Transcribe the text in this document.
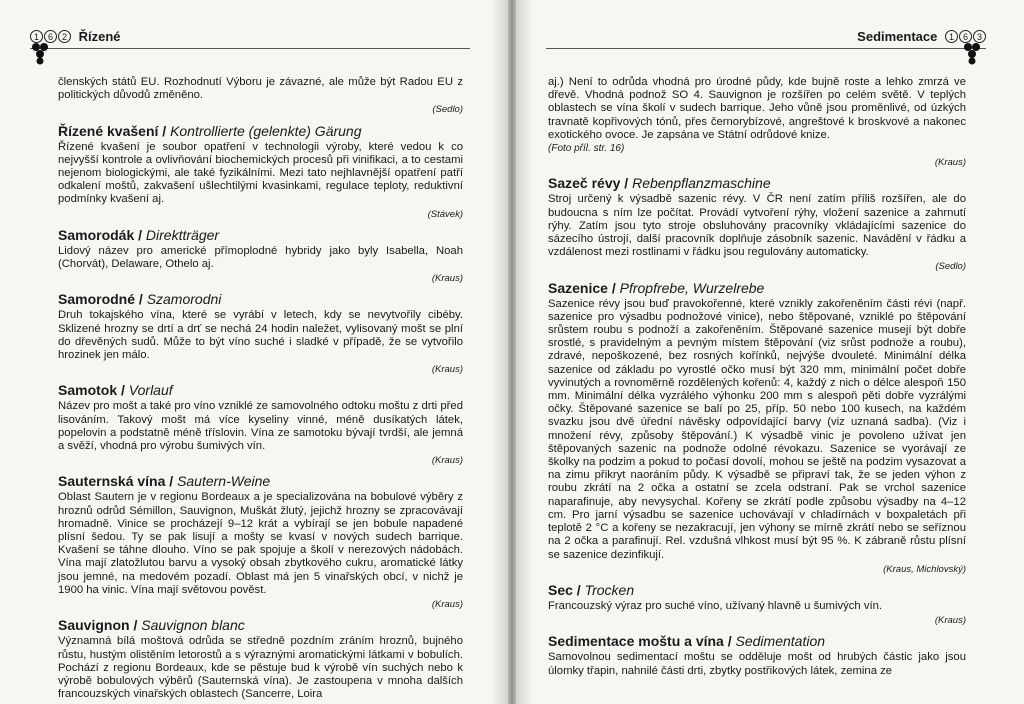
1 6 2 Řízené
členských států EU. Rozhodnutí Výboru je závazné, ale může být Radou EU z politických důvodů změněno.
(Sedlo)
Řízené kvašení / Kontrollierte (gelenkte) Gärung
Řízené kvašení je soubor opatření v technologii výroby, které vedou k co nejvyšší kontrole a ovlivňování biochemických procesů při vinifikaci, a to cestami nejenom biologickými, ale také fyzikálními. Mezi tato nejhlavnější opatření patří odkalení moštů, zakvašení ušlechtilými kvasinkami, regulace teploty, reduktivní podmínky kvašení aj.
(Stávek)
Samorodák / Direktträger
Lidový název pro americké přímoplodné hybridy jako byly Isabella, Noah (Chorvát), Delaware, Othelo aj.
(Kraus)
Samorodné / Szamorodni
Druh tokajského vína, které se vyrábí v letech, kdy se nevytvořily cibéby. Sklizené hrozny se drtí a drť se nechá 24 hodin naležet, vylisovaný mošt se plní do dřevěných sudů. Může to být víno suché i sladké v případě, že se vytvořilo hrozinek jen málo.
(Kraus)
Samotok / Vorlauf
Název pro mošt a také pro víno vzniklé ze samovolného odtoku moštu z drti před lisováním. Takový mošt má více kyseliny vinné, méně dusíkatých látek, popelovin a podstatně méně tříslovin. Vína ze samotoku bývají tvrdší, ale jemná a svěží, vhodná pro výrobu šumivých vín.
(Kraus)
Sauternská vína / Sautern-Weine
Oblast Sautern je v regionu Bordeaux a je specializována na bobulové výběry z hroznů odrůd Sémillon, Sauvignon, Muškát žlutý, jejichž hrozny se zpracovávají hromadně. Vinice se procházejí 9–12 krát a vybírají se jen bobule napadené plísní šedou. Ty se pak lisují a mošty se kvasí v nových sudech barrique. Kvašení se táhne dlouho. Víno se pak spojuje a školí v nerezových nádobách. Vína mají zlatožlutou barvu a vysoký obsah zbytkového cukru, aromatické látky jsou jemné, na medovém pozadí. Oblast má jen 5 vinařských obcí, v nichž je 1900 ha vinic. Vína mají světovou pověst.
(Kraus)
Sauvignon / Sauvignon blanc
Významná bílá moštová odrůda se středně pozdním zráním hroznů, bujného růstu, hustým olistěním letorostů a s výraznými aromatickými látkami v bobulích. Pochází z regionu Bordeaux, kde se pěstuje bud k výrobě vín suchých nebo k výrobě bobulových výběrů (Sauternská vína). Je zastoupena v mnoha dalších francouzských vinařských oblastech (Sancerre, Loira
Sedimentace	1 6 3
aj.) Není to odrůda vhodná pro úrodné půdy, kde bujně roste a lehko zmrzá ve dřevě. Vhodná podnož SO 4. Sauvignon je rozšířen po celém světě. V teplých oblastech se vína školí v sudech barrique. Jeho vůně jsou proměnlivé, od úzkých travnatě kopřivových tónů, přes černorybízové, angreštové k broskvové a nakonec exotického ovoce. Je zapsána ve Státní odrůdové knize.
(Foto příl. str. 16)
(Kraus)
Sazeč révy / Rebenpflanzmaschine
Stroj určený k výsadbě sazenic révy. V ČR není zatím příliš rozšířen, ale do budoucna s ním lze počítat. Provádí vytvoření rýhy, vložení sazenice a zahrnutí rýhy. Zatím jsou tyto stroje obsluhovány pracovníky vkládajícími sazenice do sázecího ústrojí, další pracovník doplňuje zásobník sazenic. Navádění v řádku a vzdálenost mezi rostlinami v řádku jsou regulovány automaticky.
(Sedlo)
Sazenice / Pfropfrebe, Wurzelrebe
Sazenice révy jsou buď pravokořenné, které vznikly zakořeněním části révi (např. sazenice pro výsadbu podnožové vinice), nebo štěpované, vzniklé po štěpování srůstem roubu s podnoží a zakořeněním. Štěpované sazenice musejí být dobře srostlé, s pravidelným a pevným místem štěpování (viz srůst podnože a roubu), zdravé, nepoškozené, bez rosných kořínků, nejvýše dvouleté. Minimální délka sazenice od základu po vyrostlé očko musí být 320 mm, minimální počet dobře vyvinutých a rovnoměrně rozdělených kořenů: 4, každý z nich o délce alespoň 150 mm. Minimální délka vyzrálého výhonku 200 mm s alespoň pěti dobře vyzrálými očky. Štěpované sazenice se balí po 25, příp. 50 nebo 100 kusech, na každém svazku jsou dvě úřední návěsky odpovídající barvy (viz uznaná sadba). (Viz i množení révy, způsoby štěpování.) K výsadbě vinic je povoleno užívat jen štěpovaných sazenic na podnože odolné révokazu. Sazenice se vyorávají ze školky na podzim a pokud to počasí dovolí, mohou se ještě na podzim vysazovat a na zimu přikryt naoráním půdy. K výsadbě se připraví tak, že se jeden výhon z roubu zkrátí na 2 očka a ostatní se zcela odstraní. Pak se vrchol sazenice naparafinuje, aby nevysychal. Kořeny se zkrátí podle způsobu výsadby na 4–12 cm. Pro jarní výsadbu se sazenice uchovávají v chladírnách v boxpaletách při teplotě 2 °C a kořeny se nezakracují, jen výhony se mírně zkrátí nebo se seříznou na 2 očka a parafinují. Rel. vzdušná vlhkost musí být 95 %. K zábraně růstu plísní se sazenice dezinfikují.
(Kraus, Michlovský)
Sec / Trocken
Francouzský výraz pro suché víno, užívaný hlavně u šumivých vín.
(Kraus)
Sedimentace moštu a vína / Sedimentation
Samovolnou sedimentací moštu se odděluje mošt od hrubých částic jako jsou úlomky třapin, nahnilé části drti, zbytky postřikových látek, zemina ze
